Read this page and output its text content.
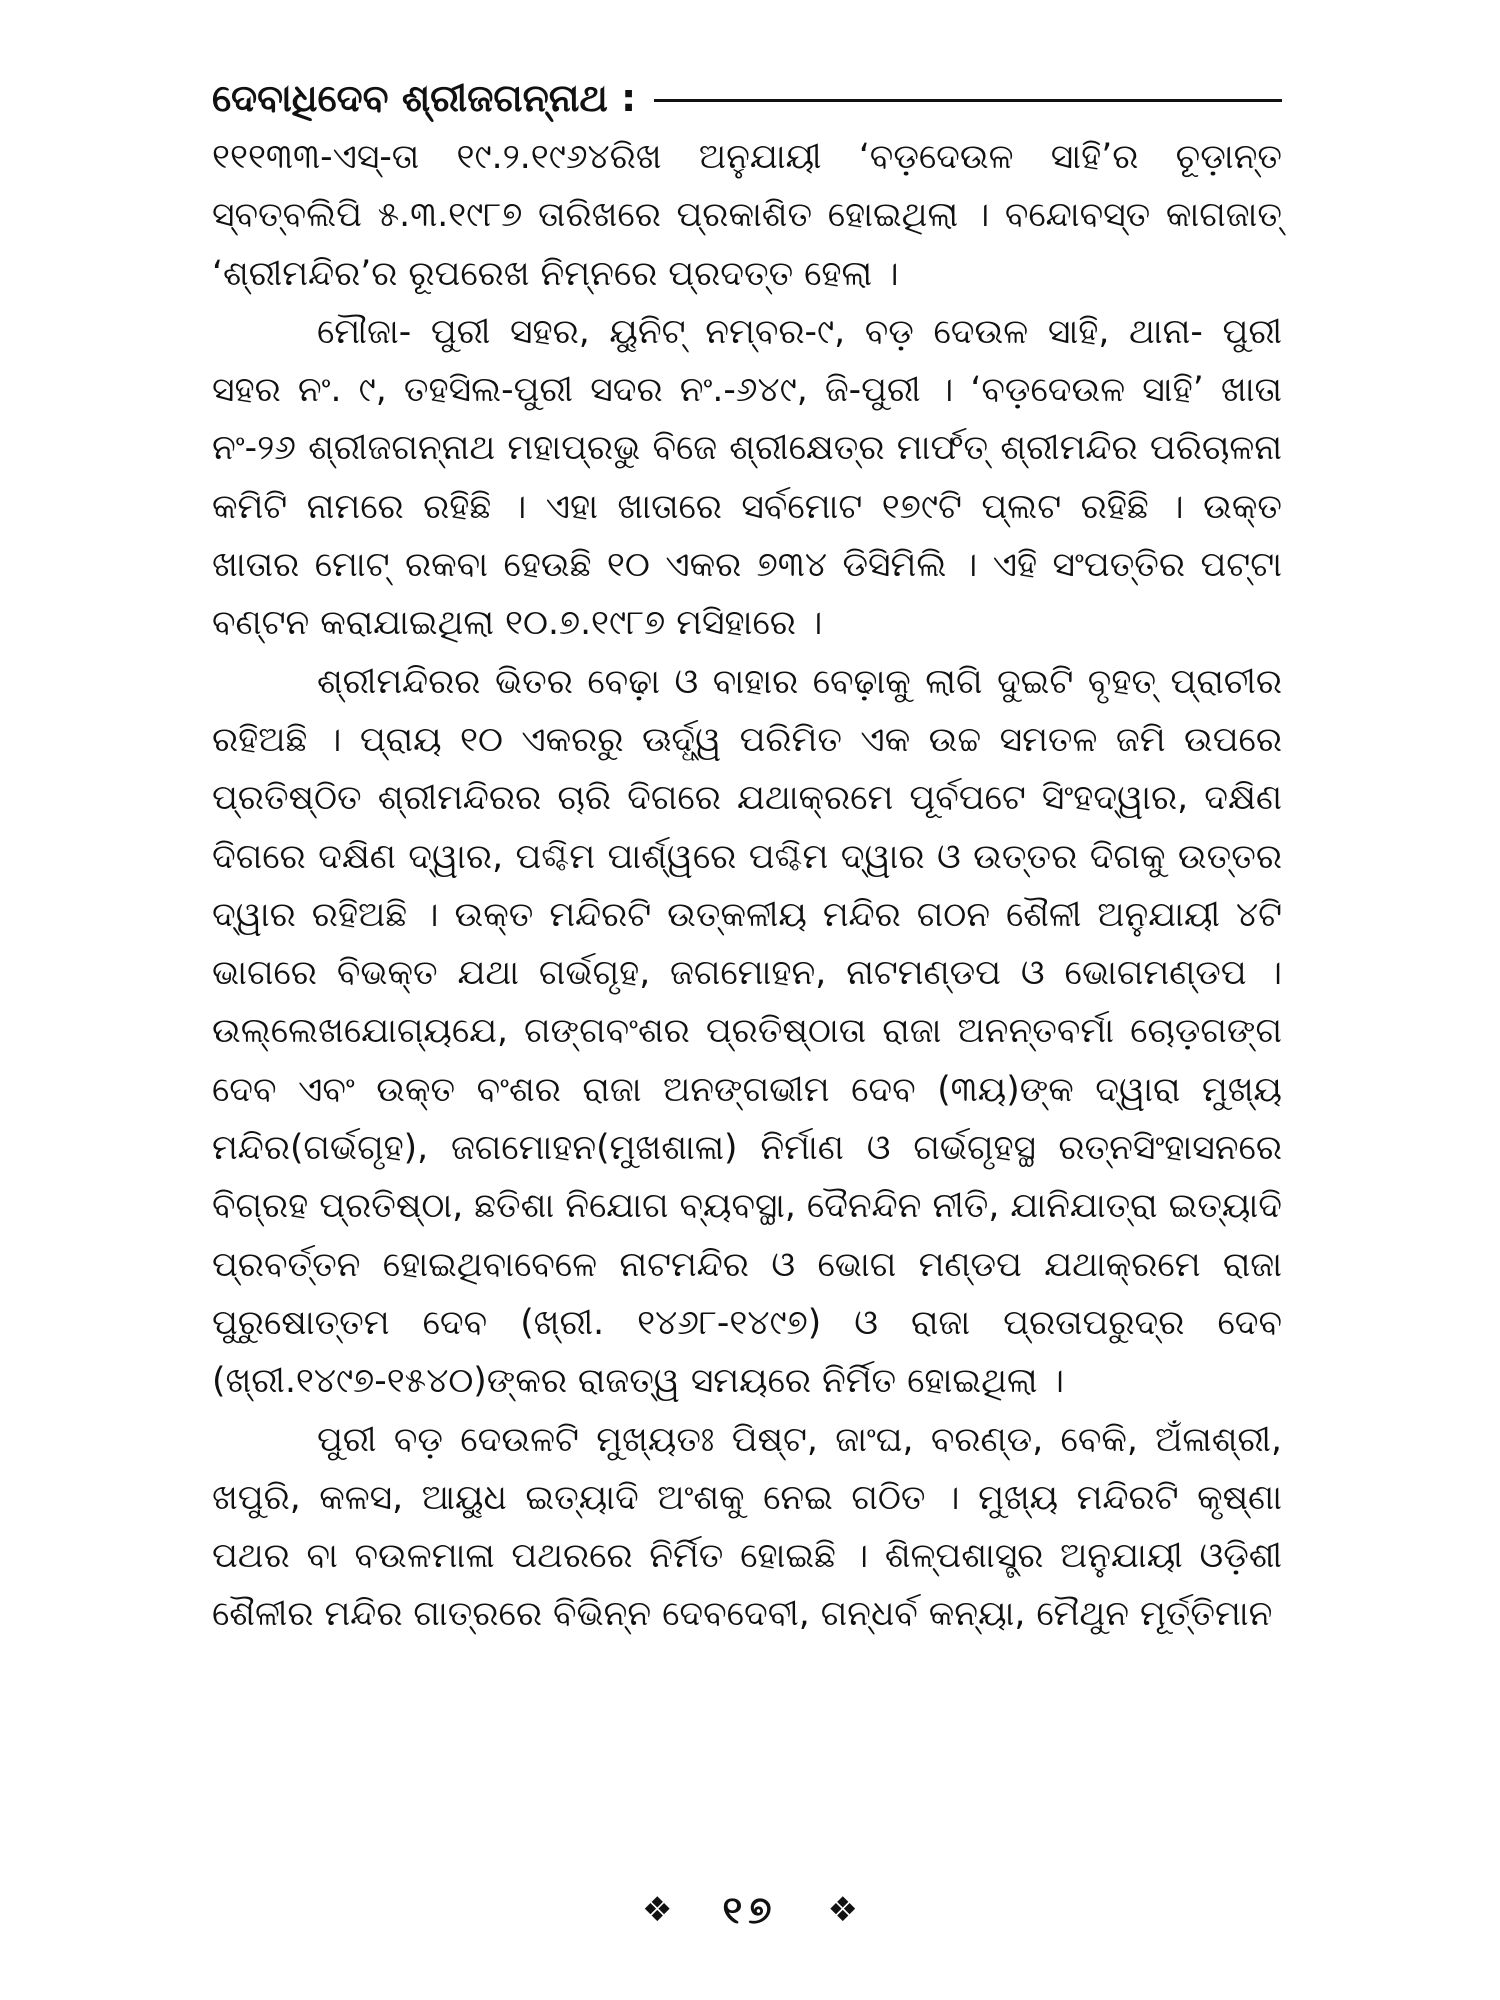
ଦେବାଧିଦେବ ଶ୍ରୀଜଗନ୍ନାଥ :

୧୧୧୩୩-ଏସ୍-ତା ୧୯.୨.୧୯୬୪ରିଖ ଅନୁଯାୟୀ ‘ବଡ଼ଦେଉଳ ସାହି’ର ଚୂଡ଼ାନ୍ତ ସ୍ବତ୍ବଲିପି ୫.୩.୧୯୮୭ ତାରିଖରେ ପ୍ରକାଶିତ ହୋଇଥିଲା । ବନ୍ଦୋବସ୍ତ କାଗଜାତ୍ ‘ଶ୍ରୀମନ୍ଦିର’ର ରୂପରେଖ ନିମ୍ନରେ ପ୍ରଦତ୍ତ ହେଲା ।

ମୌଜା- ପୁରୀ ସହର, ୟୁନିଟ୍ ନମ୍ବର-୯, ବଡ଼ ଦେଉଳ ସାହି, ଥାନା- ପୁରୀ ସହର ନଂ. ୯, ତହସିଲ-ପୁରୀ ସଦର ନଂ.-୬୪୯, ଜି-ପୁରୀ । ‘ବଡ଼ଦେଉଳ ସାହି’ ଖାତା ନଂ-୨୬ ଶ୍ରୀଜଗନ୍ନାଥ ମହାପ୍ରଭୁ ବିଜେ ଶ୍ରୀକ୍ଷେତ୍ର ମାର୍ଫତ୍ ଶ୍ରୀମନ୍ଦିର ପରିଚାଳନା କମିଟି ନାମରେ ରହିଛି । ଏହା ଖାତାରେ ସର୍ବମୋଟ ୧୭୯ଟି ପ୍ଲଟ ରହିଛି । ଉକ୍ତ ଖାତାର ମୋଟ୍ ରକବା ହେଉଛି ୧୦ ଏକର ୭୩୪ ଡିସିମିଲି । ଏହି ସଂପତ୍ତିର ପଟ୍ଟା ବଣ୍ଟନ କରାଯାଇଥିଲା ୧୦.୭.୧୯୮୭ ମସିହାରେ ।

ଶ୍ରୀମନ୍ଦିରର ଭିତର ବେଢ଼ା ଓ ବାହାର ବେଢ଼ାକୁ ଲାଗି ଦୁଇଟି ବୃହତ୍ ପ୍ରାଚୀର ରହିଅଛି । ପ୍ରାୟ ୧୦ ଏକରରୁ ଊର୍ଦ୍ଧ୍ୱ ପରିମିତ ଏକ ଉଚ୍ଚ ସମତଳ ଜମି ଉପରେ ପ୍ରତିଷ୍ଠିତ ଶ୍ରୀମନ୍ଦିରର ଚାରି ଦିଗରେ ଯଥାକ୍ରମେ ପୂର୍ବପଟେ ସିଂହଦ୍ୱାର, ଦକ୍ଷିଣ ଦିଗରେ ଦକ୍ଷିଣ ଦ୍ୱାର, ପଶ୍ଚିମ ପାର୍ଶ୍ୱରେ ପଶ୍ଚିମ ଦ୍ୱାର ଓ ଉତ୍ତର ଦିଗକୁ ଉତ୍ତର ଦ୍ୱାର ରହିଅଛି । ଉକ୍ତ ମନ୍ଦିରଟି ଉତ୍କଳୀୟ ମନ୍ଦିର ଗଠନ ଶୈଳୀ ଅନୁଯାୟୀ ୪ଟି ଭାଗରେ ବିଭକ୍ତ ଯଥା ଗର୍ଭଗୃହ, ଜଗମୋହନ, ନାଟମଣ୍ଡପ ଓ ଭୋଗମଣ୍ଡପ । ଉଲ୍ଲେଖଯୋଗ୍ୟଯେ, ଗଙ୍ଗବଂଶର ପ୍ରତିଷ୍ଠାତା ରାଜା ଅନନ୍ତବର୍ମା ଚୋଡ଼ଗଙ୍ଗ ଦେବ ଏବଂ ଉକ୍ତ ବଂଶର ରାଜା ଅନଙ୍ଗଭୀମ ଦେବ (୩ୟ)ଙ୍କ ଦ୍ୱାରା ମୁଖ୍ୟ ମନ୍ଦିର(ଗର୍ଭଗୃହ), ଜଗମୋହନ(ମୁଖଶାଳା) ନିର୍ମାଣ ଓ ଗର୍ଭଗୃହସ୍ଥ ରତ୍ନସିଂହାସନରେ ବିଗ୍ରହ ପ୍ରତିଷ୍ଠା, ଛତିଶା ନିଯୋଗ ବ୍ୟବସ୍ଥା, ଦୈନନ୍ଦିନ ନୀତି, ଯାନିଯାତ୍ରା ଇତ୍ୟାଦି ପ୍ରବର୍ତ୍ତନ ହୋଇଥିବାବେଳେ ନାଟମନ୍ଦିର ଓ ଭୋଗ ମଣ୍ଡପ ଯଥାକ୍ରମେ ରାଜା ପୁରୁଷୋତ୍ତମ ଦେବ (ଖ୍ରୀ. ୧୪୬୮-୧୪୯୭) ଓ ରାଜା ପ୍ରତାପରୁଦ୍ର ଦେବ (ଖ୍ରୀ.୧୪୯୭-୧୫୪୦)ଙ୍କର ରାଜତ୍ୱ ସମୟରେ ନିର୍ମିତ ହୋଇଥିଲା ।

ପୁରୀ ବଡ଼ ଦେଉଳଟି ମୁଖ୍ୟତଃ ପିଷ୍ଟ, ଜାଂଘ, ବରଣ୍ଡ, ବେକି, ଅଁଳାଶ୍ରୀ, ଖପୁରି, କଳସ, ଆୟୁଧ ଇତ୍ୟାଦି ଅଂଶକୁ ନେଇ ଗଠିତ । ମୁଖ୍ୟ ମନ୍ଦିରଟି କୃଷ୍ଣା ପଥର ବା ବଉଳମାଳା ପଥରରେ ନିର୍ମିତ ହୋଇଛି । ଶିଳ୍ପଶାସ୍ତ୍ର ଅନୁଯାୟୀ ଓଡ଼ିଶୀ ଶୈଳୀର ମନ୍ଦିର ଗାତ୍ରରେ ବିଭିନ୍ନ ଦେବଦେବୀ, ଗନ୍ଧର୍ବ କନ୍ୟା, ମୈଥୁନ ମୂର୍ତ୍ତିମାନ

❖ ୧୭ ❖
